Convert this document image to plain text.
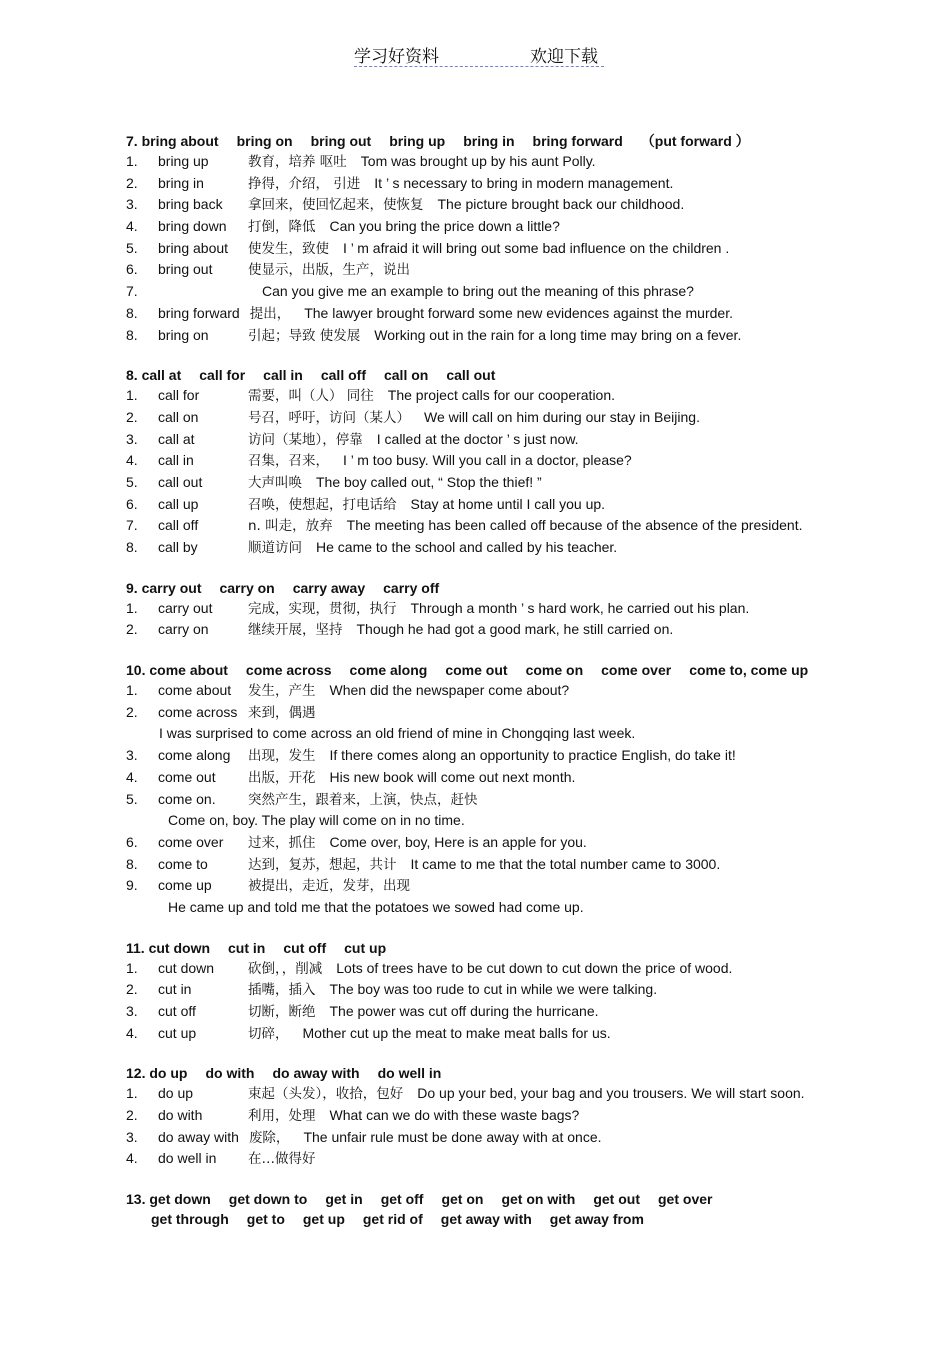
学习好资料	欢迎下载
7. bring about bring on bring out bring up bring in bring forward （put forward ）
1. bring up	教育，培养 呕吐 Tom was brought up by his aunt Polly.
2. bring in	挣得，介绍， 引进 It ’ s necessary to bring in modern management.
3. bring back 拿回来，使回忆起来，使恢复 The picture brought back our childhood.
4. bring down 打倒，降低 Can you bring the price down a little?
5. bring about 使发生，致使 I ’ m afraid it will bring out some bad influence on the children .
6. bring out	使显示，出版，生产，说出
7.	Can you give me an example to bring out the meaning of this phrase?
8. bring forward 提出， The lawyer brought forward some new evidences against the murder.
8. bring on	引起；导致 使发展 Working out in the rain for a long time may bring on a fever.
8. call at call for call in call off call on call out
1. call for	需要，叫（人） 同往 The project calls for our cooperation.
2. call on	号召，呼吁，访问（某人） We will call on him during our stay in Beijing.
3. call at	访问（某地），停靠 I called at the doctor ’ s just now.
4. call in	召集，召来， I ’ m too busy. Will you call in a doctor, please?
5. call out	大声叫唤 The boy called out, “ Stop the thief! ”
6. call up	召唤，使想起，打电话给 Stay at home until I call you up.
7. call off	n. 叫走，放弃 The meeting has been called off because of the absence of the president.
8. call by	顺道访问 He came to the school and called by his teacher.
9. carry out carry on carry away carry off
1. carry out	完成，实现，贯彻，执行 Through a month ’ s hard work, he carried out his plan.
2. carry on	继续开展，坚持 Though he had got a good mark, he still carried on.
10. come about come across come along come out come on come over come to, come up
1. come about 发生，产生 When did the newspaper come about?
2. come across 来到，偶遇
I was surprised to come across an old friend of mine in Chongqing last week.
3. come along 出现，发生 If there comes along an opportunity to practice English, do take it!
4. come out 出版，开花 His new book will come out next month.
5. come on. 突然产生，跟着来，上演，快点，赶快
Come on, boy. The play will come on in no time.
6. come over 过来，抓住 Come over, boy, Here is an apple for you.
8. come to	达到，复苏，想起，共计 It came to me that the total number came to 3000.
9. come up	被提出，走近，发芽，出现
He came up and told me that the potatoes we sowed had come up.
11. cut down cut in cut off cut up
1. cut down	砍倒，，削减 Lots of trees have to be cut down to cut down the price of wood.
2. cut in	插嘴，插入 The boy was too rude to cut in while we were talking.
3. cut off	切断，断绝 The power was cut off during the hurricane.
4. cut up	切碎， Mother cut up the meat to make meat balls for us.
12. do up do with do away with do well in
1. do up	束起（头发），收拾，包好 Do up your bed, your bag and you trousers. We will start soon.
2. do with	利用，处理 What can we do with these waste bags?
3. do away with 废除， The unfair rule must be done away with at once.
4. do well in 在…做得好
13. get down get down to get in get off get on get on with get out get over
get through get to get up get rid of get away with get away from
